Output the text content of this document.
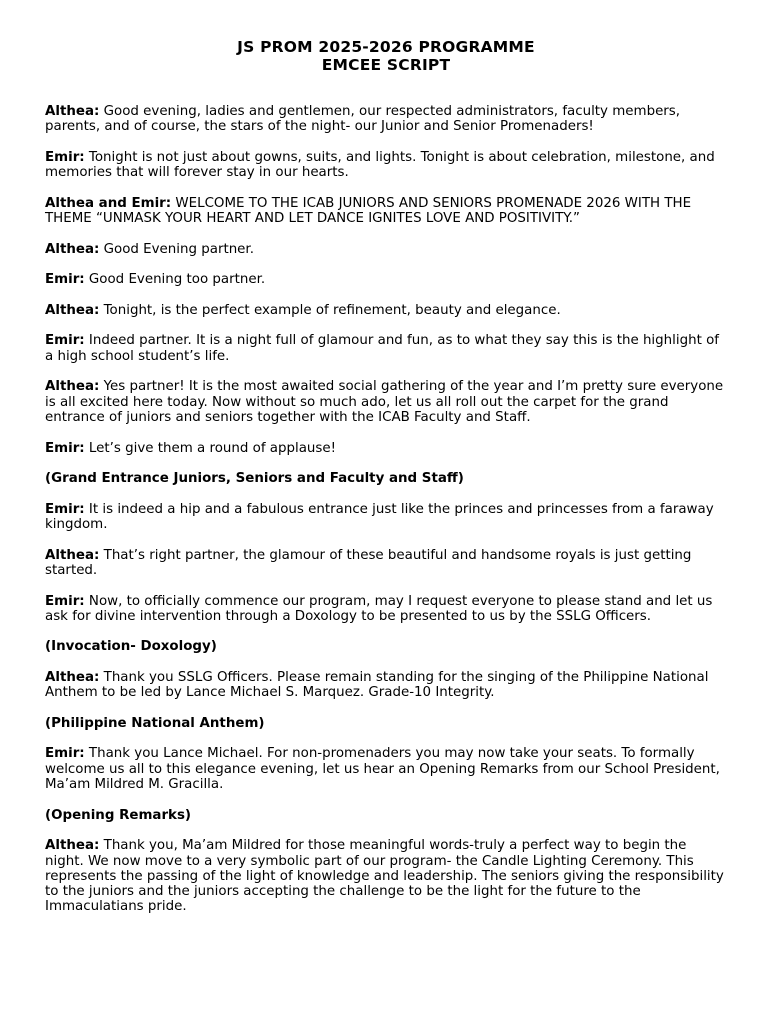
JS PROM 2025-2026 PROGRAMME

EMCEE SCRIPT

Althea: Good evening, ladies and gentlemen, our respected administrators, faculty members, parents, and of course, the stars of the night- our Junior and Senior Promenaders!

Emir: Tonight is not just about gowns, suits, and lights. Tonight is about celebration, milestone, and memories that will forever stay in our hearts.

Althea and Emir: WELCOME TO THE ICAB JUNIORS AND SENIORS PROMENADE 2026 WITH THE THEME “UNMASK YOUR HEART AND LET DANCE IGNITES LOVE AND POSITIVITY.”

Althea: Good Evening partner.

Emir: Good Evening too partner.

Althea: Tonight, is the perfect example of refinement, beauty and elegance.

Emir: Indeed partner. It is a night full of glamour and fun, as to what they say this is the highlight of a high school student’s life.

Althea: Yes partner! It is the most awaited social gathering of the year and I’m pretty sure everyone is all excited here today. Now without so much ado, let us all roll out the carpet for the grand entrance of juniors and seniors together with the ICAB Faculty and Staff.

Emir: Let’s give them a round of applause!

(Grand Entrance Juniors, Seniors and Faculty and Staff)

Emir: It is indeed a hip and a fabulous entrance just like the princes and princesses from a faraway kingdom.

Althea: That’s right partner, the glamour of these beautiful and handsome royals is just getting started.

Emir: Now, to officially commence our program, may I request everyone to please stand and let us ask for divine intervention through a Doxology to be presented to us by the SSLG Officers.

(Invocation- Doxology)

Althea: Thank you SSLG Officers. Please remain standing for the singing of the Philippine National Anthem to be led by Lance Michael S. Marquez. Grade-10 Integrity.

(Philippine National Anthem)

Emir: Thank you Lance Michael. For non-promenaders you may now take your seats. To formally welcome us all to this elegance evening, let us hear an Opening Remarks from our School President, Ma’am Mildred M. Gracilla.

(Opening Remarks)

Althea: Thank you, Ma’am Mildred for those meaningful words-truly a perfect way to begin the night. We now move to a very symbolic part of our program- the Candle Lighting Ceremony. This represents the passing of the light of knowledge and leadership. The seniors giving the responsibility to the juniors and the juniors accepting the challenge to be the light for the future to the Immaculatians pride.
